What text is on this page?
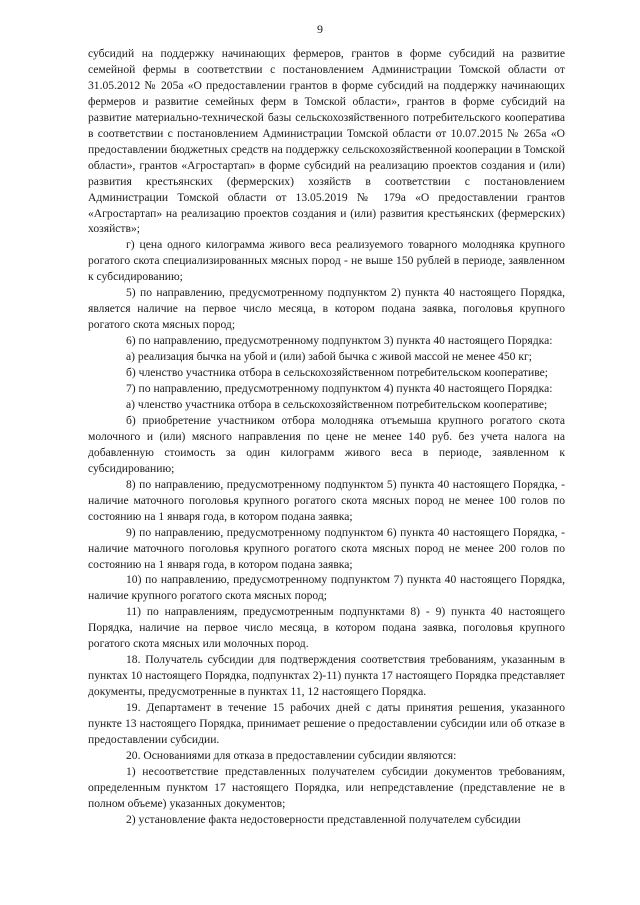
9

субсидий на поддержку начинающих фермеров, грантов в форме субсидий на развитие семейной фермы в соответствии с постановлением Администрации Томской области от 31.05.2012 № 205а «О предоставлении грантов в форме субсидий на поддержку начинающих фермеров и развитие семейных ферм в Томской области», грантов в форме субсидий на развитие материально-технической базы сельскохозяйственного потребительского кооператива в соответствии с постановлением Администрации Томской области от 10.07.2015 № 265а «О предоставлении бюджетных средств на поддержку сельскохозяйственной кооперации в Томской области», грантов «Агростартап» в форме субсидий на реализацию проектов создания и (или) развития крестьянских (фермерских) хозяйств в соответствии с постановлением Администрации Томской области от 13.05.2019 № 179а «О предоставлении грантов «Агростартап» на реализацию проектов создания и (или) развития крестьянских (фермерских) хозяйств»;

г) цена одного килограмма живого веса реализуемого товарного молодняка крупного рогатого скота специализированных мясных пород - не выше 150 рублей в периоде, заявленном к субсидированию;

5) по направлению, предусмотренному подпунктом 2) пункта 40 настоящего Порядка, является наличие на первое число месяца, в котором подана заявка, поголовья крупного рогатого скота мясных пород;

6) по направлению, предусмотренному подпунктом 3) пункта 40 настоящего Порядка:

а) реализация бычка на убой и (или) забой бычка с живой массой не менее 450 кг;

б) членство участника отбора в сельскохозяйственном потребительском кооперативе;

7) по направлению, предусмотренному подпунктом 4) пункта 40 настоящего Порядка:

а) членство участника отбора в сельскохозяйственном потребительском кооперативе;

б) приобретение участником отбора молодняка отъемыша крупного рогатого скота молочного и (или) мясного направления по цене не менее 140 руб. без учета налога на добавленную стоимость за один килограмм живого веса в периоде, заявленном к субсидированию;

8) по направлению, предусмотренному подпунктом 5) пункта 40 настоящего Порядка, - наличие маточного поголовья крупного рогатого скота мясных пород не менее 100 голов по состоянию на 1 января года, в котором подана заявка;

9) по направлению, предусмотренному подпунктом 6) пункта 40 настоящего Порядка, - наличие маточного поголовья крупного рогатого скота мясных пород не менее 200 голов по состоянию на 1 января года, в котором подана заявка;

10) по направлению, предусмотренному подпунктом 7) пункта 40 настоящего Порядка, наличие крупного рогатого скота мясных пород;

11) по направлениям, предусмотренным подпунктами 8) - 9) пункта 40 настоящего Порядка, наличие на первое число месяца, в котором подана заявка, поголовья крупного рогатого скота мясных или молочных пород.

18. Получатель субсидии для подтверждения соответствия требованиям, указанным в пунктах 10 настоящего Порядка, подпунктах 2)-11) пункта 17 настоящего Порядка представляет документы, предусмотренные в пунктах 11, 12 настоящего Порядка.

19. Департамент в течение 15 рабочих дней с даты принятия решения, указанного пункте 13 настоящего Порядка, принимает решение о предоставлении субсидии или об отказе в предоставлении субсидии.

20. Основаниями для отказа в предоставлении субсидии являются:

1) несоответствие представленных получателем субсидии документов требованиям, определенным пунктом 17 настоящего Порядка, или непредставление (представление не в полном объеме) указанных документов;

2) установление факта недостоверности представленной получателем субсидии
